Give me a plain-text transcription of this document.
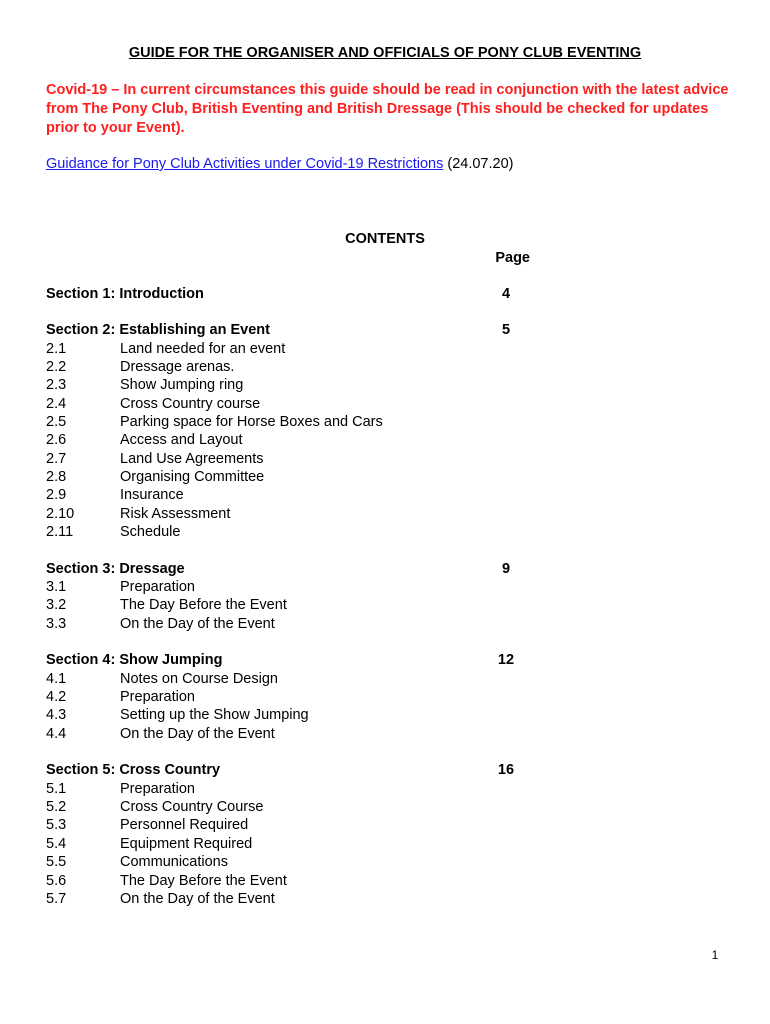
GUIDE FOR THE ORGANISER AND OFFICIALS OF PONY CLUB EVENTING
Covid-19 – In current circumstances this guide should be read in conjunction with the latest advice from The Pony Club, British Eventing and British Dressage (This should be checked for updates prior to your Event).
Guidance for Pony Club Activities under Covid-19 Restrictions (24.07.20)
CONTENTS
Page
Section 1: Introduction	4
Section 2: Establishing an Event	5
2.1	Land needed for an event
2.2	Dressage arenas.
2.3	Show Jumping ring
2.4	Cross Country course
2.5	Parking space for Horse Boxes and Cars
2.6	Access and Layout
2.7	Land Use Agreements
2.8	Organising Committee
2.9	Insurance
2.10	Risk Assessment
2.11	Schedule
Section 3: Dressage	9
3.1	Preparation
3.2	The Day Before the Event
3.3	On the Day of the Event
Section 4: Show Jumping	12
4.1	Notes on Course Design
4.2	Preparation
4.3	Setting up the Show Jumping
4.4	On the Day of the Event
Section 5: Cross Country	16
5.1	Preparation
5.2	Cross Country Course
5.3	Personnel Required
5.4	Equipment Required
5.5	Communications
5.6	The Day Before the Event
5.7	On the Day of the Event
1
